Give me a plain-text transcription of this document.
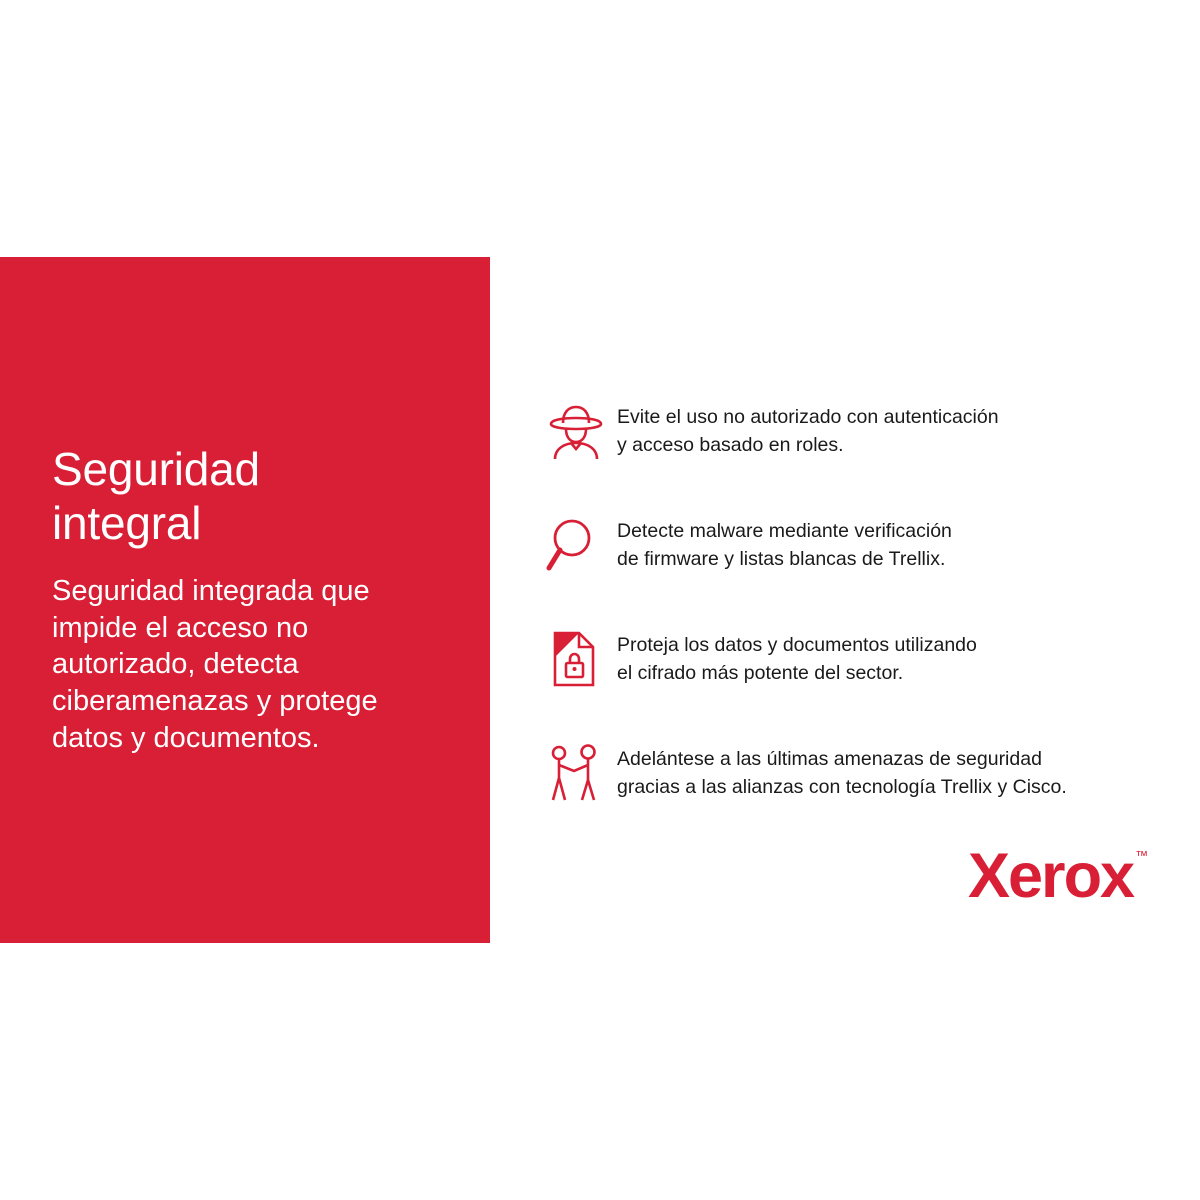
Seguridad
integral

Seguridad integrada que impide el acceso no autorizado, detecta ciberamenazas y protege datos y documentos.

Evite el uso no autorizado con autenticación
y acceso basado en roles.
Detecte malware mediante verificación
de firmware y listas blancas de Trellix.
Proteja los datos y documentos utilizando
el cifrado más potente del sector.
Adelántese a las últimas amenazas de seguridad
gracias a las alianzas con tecnología Trellix y Cisco.
Xerox ™
